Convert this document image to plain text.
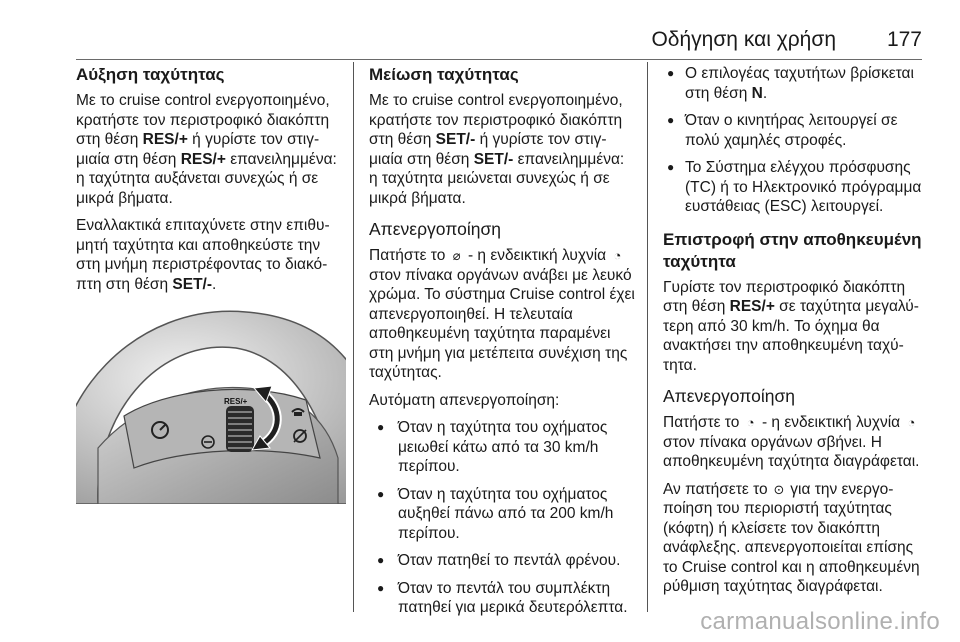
Οδήγηση και χρήση 177
Αύξηση ταχύτητας

Με το cruise control ενεργοποιημένο, κρατήστε τον περιστροφικό διακόπτη στη θέση RES/+ ή γυρίστε τον στιγμιαία στη θέση RES/+ επανειλημμένα: η ταχύτητα αυξάνεται συνεχώς ή σε μικρά βήματα.

Εναλλακτικά επιταχύνετε στην επιθυμητή ταχύτητα και αποθηκεύστε την στη μνήμη περιστρέφοντας το διακόπτη στη θέση SET/-.

RES/+
Μείωση ταχύτητας

Με το cruise control ενεργοποιημένο, κρατήστε τον περιστροφικό διακόπτη στη θέση SET/- ή γυρίστε τον στιγμιαία στη θέση SET/- επανειλημμένα: η ταχύτητα μειώνεται συνεχώς ή σε μικρά βήματα.

Απενεργοποίηση

Πατήστε το ⌀ - η ενδεικτική λυχνία ◔ στον πίνακα οργάνων ανάβει με λευκό χρώμα. Το σύστημα Cruise control έχει απενεργοποιηθεί. Η τελευταία αποθηκευμένη ταχύτητα παραμένει στη μνήμη για μετέπειτα συνέχιση της ταχύτητας.

Αυτόματη απενεργοποίηση:

● Όταν η ταχύτητα του οχήματος μειωθεί κάτω από τα 30 km/h περίπου.
● Όταν η ταχύτητα του οχήματος αυξηθεί πάνω από τα 200 km/h περίπου.
● Όταν πατηθεί το πεντάλ φρένου.
● Όταν το πεντάλ του συμπλέκτη πατηθεί για μερικά δευτερόλεπτα.
● Ο επιλογέας ταχυτήτων βρίσκεται στη θέση N.
● Όταν ο κινητήρας λειτουργεί σε πολύ χαμηλές στροφές.
● Το Σύστημα ελέγχου πρόσφυσης (TC) ή το Ηλεκτρονικό πρόγραμμα ευστάθειας (ESC) λειτουργεί.
Επιστροφή στην αποθηκευμένη ταχύτητα

Γυρίστε τον περιστροφικό διακόπτη στη θέση RES/+ σε ταχύτητα μεγαλύτερη από 30 km/h. Το όχημα θα ανακτήσει την αποθηκευμένη ταχύτητα.

Απενεργοποίηση

Πατήστε το ◔ - η ενδεικτική λυχνία ◔ στον πίνακα οργάνων σβήνει. Η αποθηκευμένη ταχύτητα διαγράφεται.

Αν πατήσετε το ⊙ για την ενεργοποίηση του περιοριστή ταχύτητας (κόφτη) ή κλείσετε τον διακόπτη ανάφλεξης. απενεργοποιείται επίσης το Cruise control και η αποθηκευμένη ρύθμιση ταχύτητας διαγράφεται.

carmanualsonline.info
